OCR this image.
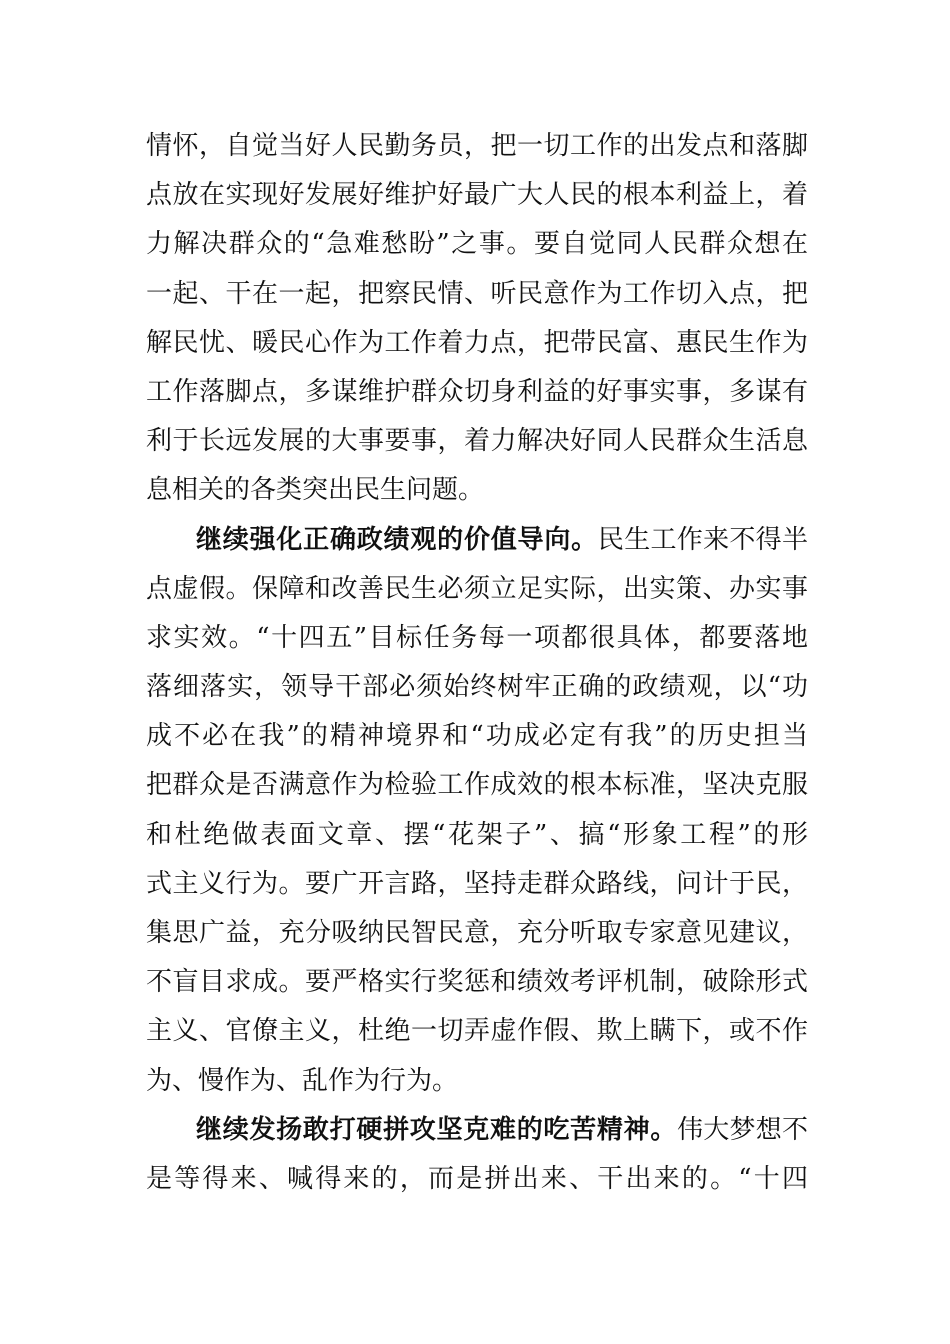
情怀，自觉当好人民勤务员，把一切工作的出发点和落脚
点放在实现好发展好维护好最广大人民的根本利益上，着
力解决群众的“急难愁盼”之事。要自觉同人民群众想在
一起、干在一起，把察民情、听民意作为工作切入点，把
解民忧、暖民心作为工作着力点，把带民富、惠民生作为
工作落脚点，多谋维护群众切身利益的好事实事，多谋有
利于长远发展的大事要事，着力解决好同人民群众生活息
息相关的各类突出民生问题。
继续强化正确政绩观的价值导向。民生工作来不得半
点虚假。保障和改善民生必须立足实际，出实策、办实事
求实效。“十四五”目标任务每一项都很具体，都要落地
落细落实，领导干部必须始终树牢正确的政绩观，以“功
成不必在我”的精神境界和“功成必定有我”的历史担当
把群众是否满意作为检验工作成效的根本标准，坚决克服
和杜绝做表面文章、摆“花架子”、搞“形象工程”的形
式主义行为。要广开言路，坚持走群众路线，问计于民，
集思广益，充分吸纳民智民意，充分听取专家意见建议，
不盲目求成。要严格实行奖惩和绩效考评机制，破除形式
主义、官僚主义，杜绝一切弄虚作假、欺上瞒下，或不作
为、慢作为、乱作为行为。
继续发扬敢打硬拼攻坚克难的吃苦精神。伟大梦想不
是等得来、喊得来的，而是拼出来、干出来的。“十四
